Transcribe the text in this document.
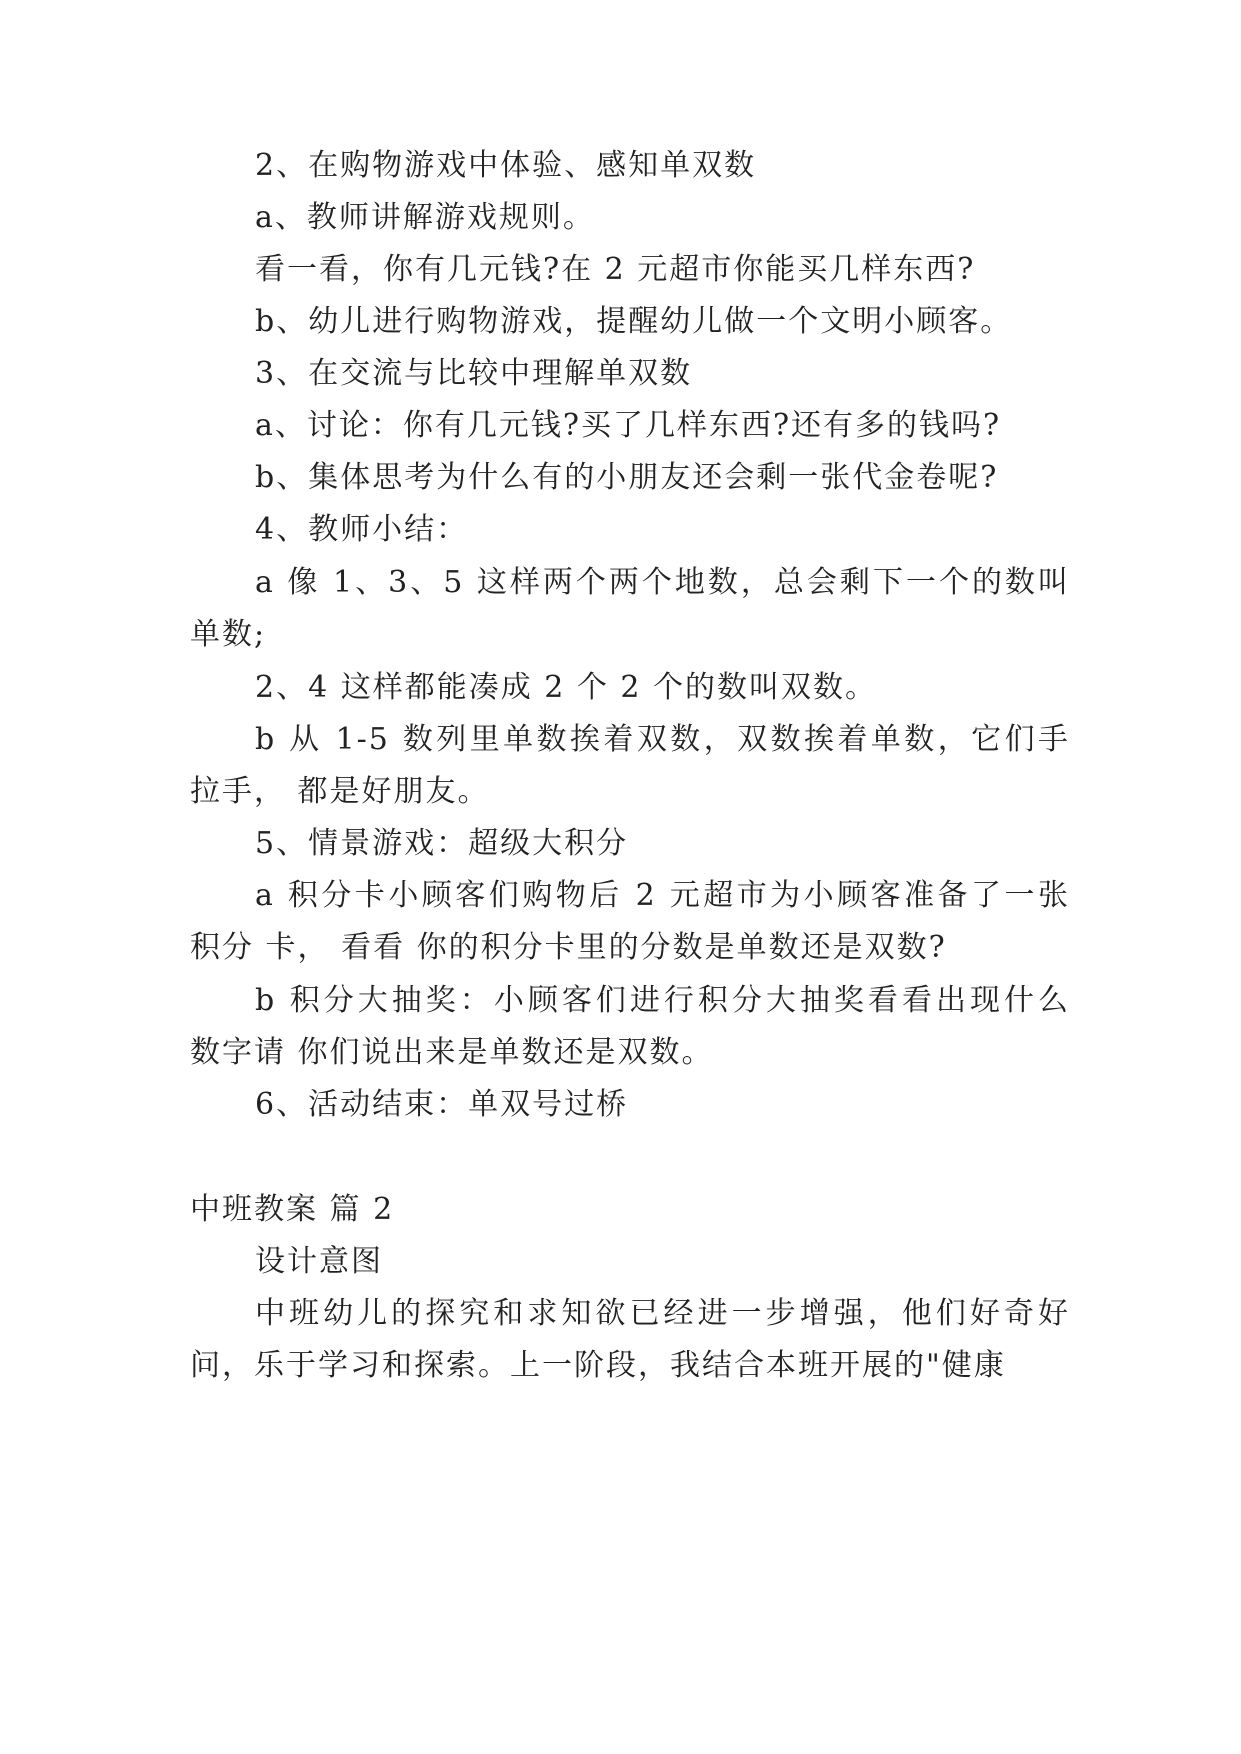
2、在购物游戏中体验、感知单双数
a、教师讲解游戏规则。
看一看，你有几元钱?在 2 元超市你能买几样东西?
b、幼儿进行购物游戏，提醒幼儿做一个文明小顾客。
3、在交流与比较中理解单双数
a、讨论：你有几元钱?买了几样东西?还有多的钱吗?
b、集体思考为什么有的小朋友还会剩一张代金卷呢?
4、教师小结：
a 像 1、3、5 这样两个两个地数，总会剩下一个的数叫
单数;
2、4 这样都能凑成 2 个 2 个的数叫双数。
b 从 1-5 数列里单数挨着双数，双数挨着单数，它们手
拉手， 都是好朋友。
5、情景游戏：超级大积分
a 积分卡小顾客们购物后 2 元超市为小顾客准备了一张
积分 卡， 看看 你的积分卡里的分数是单数还是双数?
b 积分大抽奖：小顾客们进行积分大抽奖看看出现什么
数字请 你们说出来是单数还是双数。
6、活动结束：单双号过桥
中班教案 篇 2
设计意图
中班幼儿的探究和求知欲已经进一步增强，他们好奇好
问，乐于学习和探索。上一阶段，我结合本班开展的"健康
